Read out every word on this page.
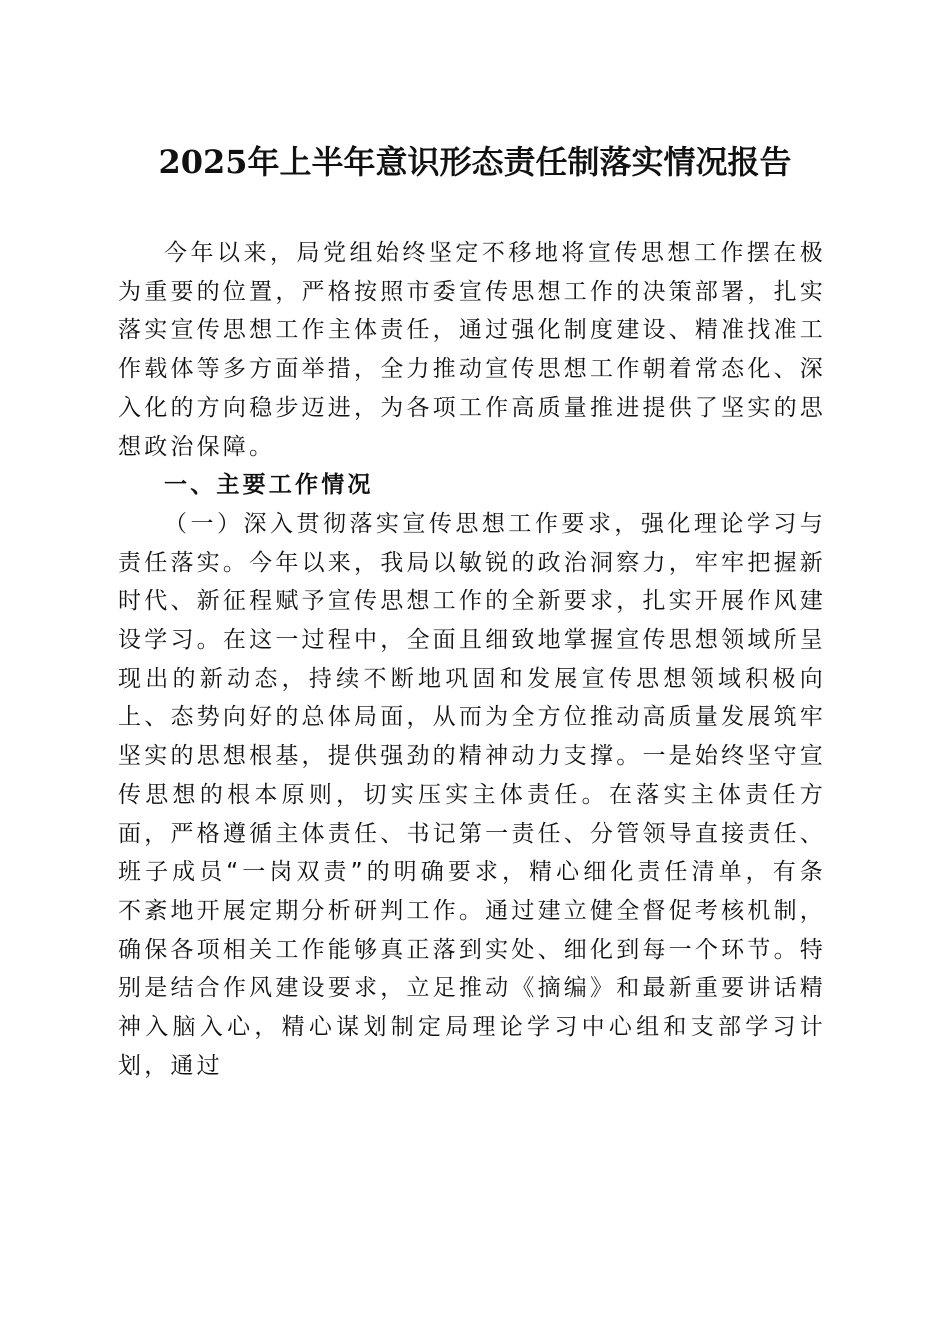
2025年上半年意识形态责任制落实情况报告

今年以来，局党组始终坚定不移地将宣传思想工作摆在极为重要的位置，严格按照市委宣传思想工作的决策部署，扎实落实宣传思想工作主体责任，通过强化制度建设、精准找准工作载体等多方面举措，全力推动宣传思想工作朝着常态化、深入化的方向稳步迈进，为各项工作高质量推进提供了坚实的思想政治保障。

一、主要工作情况

（一）深入贯彻落实宣传思想工作要求，强化理论学习与责任落实。今年以来，我局以敏锐的政治洞察力，牢牢把握新时代、新征程赋予宣传思想工作的全新要求，扎实开展作风建设学习。在这一过程中，全面且细致地掌握宣传思想领域所呈现出的新动态，持续不断地巩固和发展宣传思想领域积极向上、态势向好的总体局面，从而为全方位推动高质量发展筑牢坚实的思想根基，提供强劲的精神动力支撑。一是始终坚守宣传思想的根本原则，切实压实主体责任。在落实主体责任方面，严格遵循主体责任、书记第一责任、分管领导直接责任、班子成员“一岗双责”的明确要求，精心细化责任清单，有条不紊地开展定期分析研判工作。通过建立健全督促考核机制，确保各项相关工作能够真正落到实处、细化到每一个环节。特别是结合作风建设要求，立足推动《摘编》和最新重要讲话精神入脑入心，精心谋划制定局理论学习中心组和支部学习计划，通过
